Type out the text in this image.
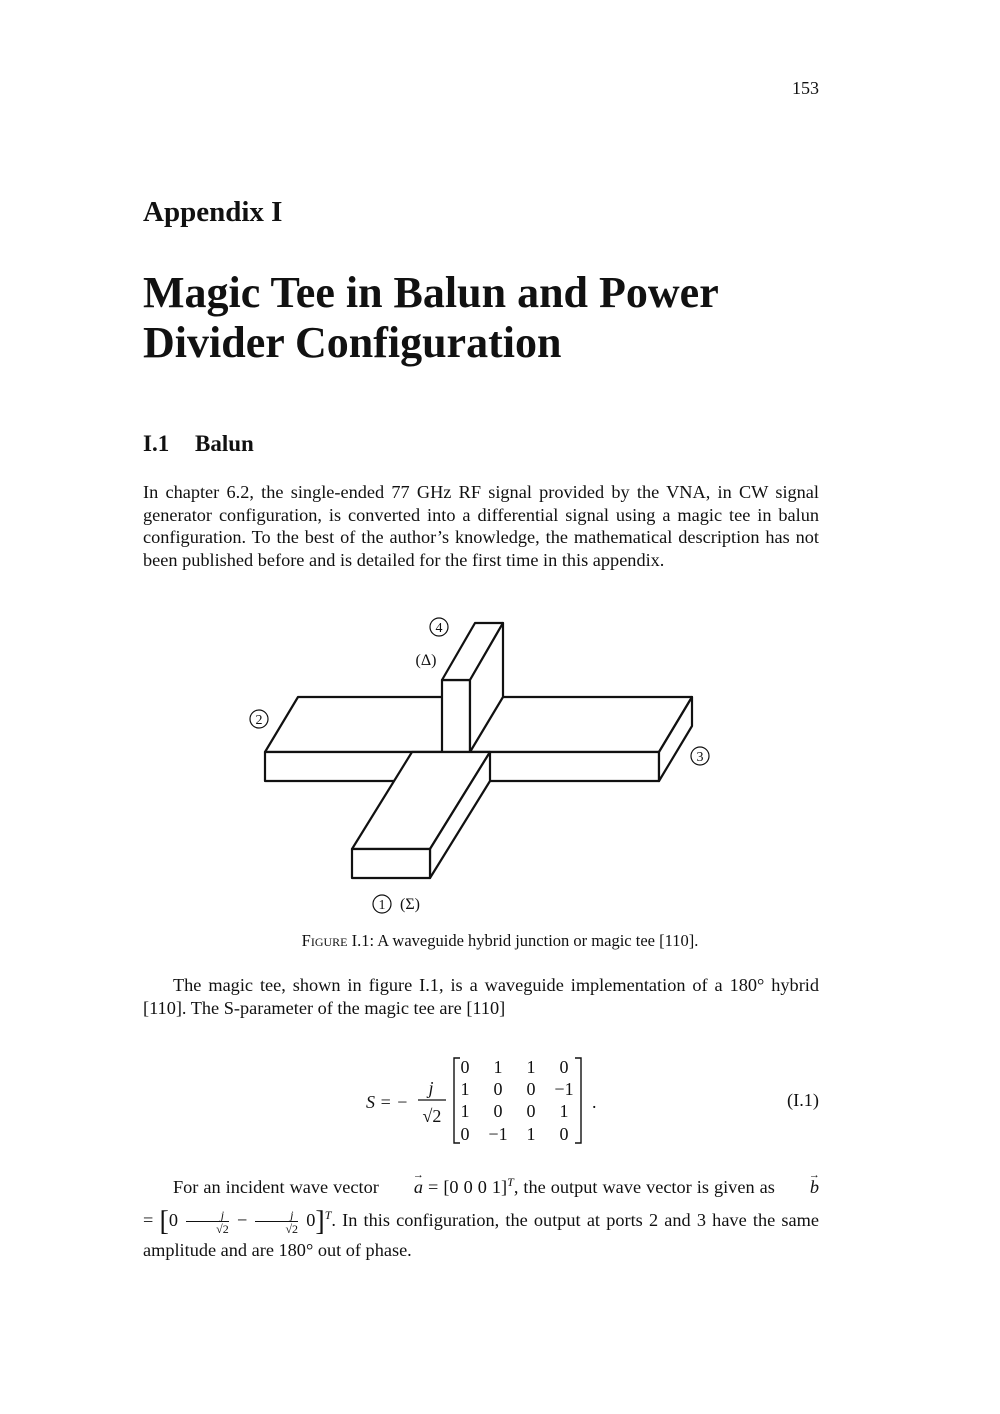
153
Appendix I
Magic Tee in Balun and Power Divider Configuration
I.1 Balun

In chapter 6.2, the single-ended 77 GHz RF signal provided by the VNA, in CW signal generator configuration, is converted into a differential signal using a magic tee in balun configuration. To the best of the author’s knowledge, the mathematical description has not been published before and is detailed for the first time in this appendix.

4
2
3
1
(Δ)
(Σ)
Figure I.1: A waveguide hybrid junction or magic tee [110].

The magic tee, shown in figure I.1, is a waveguide implementation of a 180° hybrid [110]. The S-parameter of the magic tee are [110]

S = −
j
√2
0 1 1 0
1 0 0 −1
1 0 0 1
0 −1 1 0
.	(I.1)

For an incident wave vector → a = [0 0 0 1]$^T$, the output wave vector is given as → $b = [0 \frac{j}{√2} - \frac{j}{√2} 0]^T$. In this configuration, the output at ports 2 and 3 have the same amplitude and are 180° out of phase.
